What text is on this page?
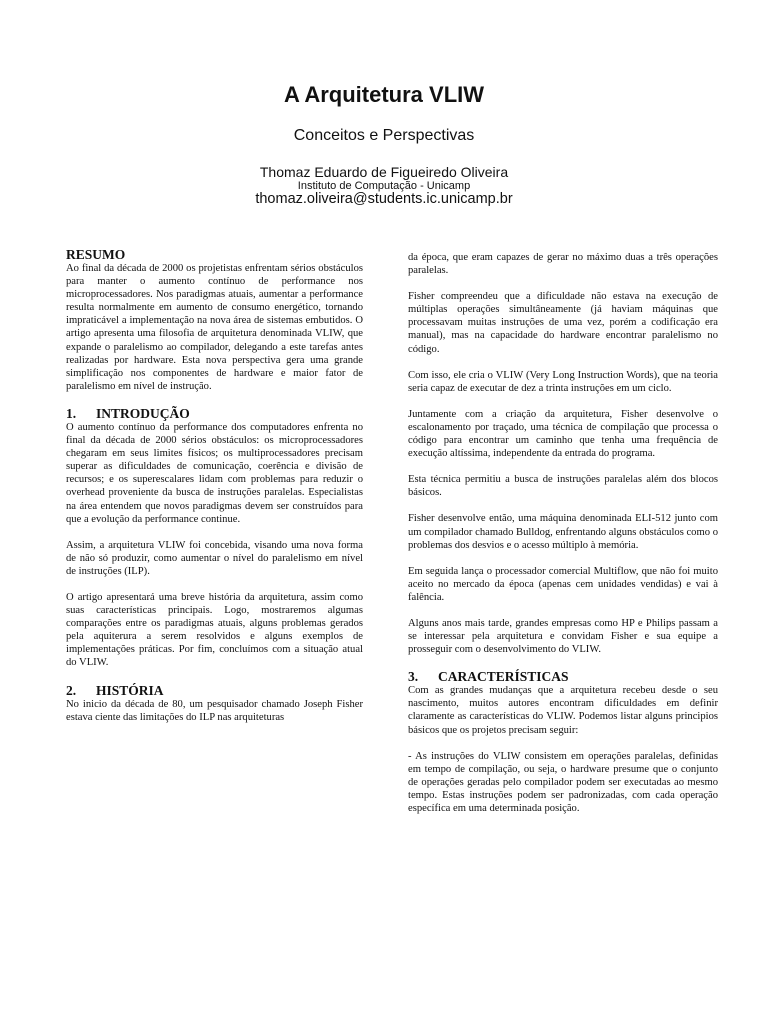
A Arquitetura VLIW
Conceitos e Perspectivas
Thomaz Eduardo de Figueiredo Oliveira
Instituto de Computação - Unicamp
thomaz.oliveira@students.ic.unicamp.br
RESUMO

Ao final da década de 2000 os projetistas enfrentam sérios obstáculos para manter o aumento contínuo de performance nos microprocessadores. Nos paradigmas atuais, aumentar a performance resulta normalmente em aumento de consumo energético, tornando impraticável a implementação na nova área de sistemas embutidos. O artigo apresenta uma filosofia de arquitetura denominada VLIW, que expande o paralelismo ao compilador, delegando a este tarefas antes realizadas por hardware. Esta nova perspectiva gera uma grande simplificação nos componentes de hardware e maior fator de paralelismo em nível de instrução.

1. INTRODUÇÃO

O aumento contínuo da performance dos computadores enfrenta no final da década de 2000 sérios obstáculos: os microprocessadores chegaram em seus limites físicos; os multiprocessadores precisam superar as dificuldades de comunicação, coerência e divisão de recursos; e os superescalares lidam com problemas para reduzir o overhead proveniente da busca de instruções paralelas. Especialistas na área entendem que novos paradigmas devem ser construídos para que a evolução da performance continue.

Assim, a arquitetura VLIW foi concebida, visando uma nova forma de não só produzir, como aumentar o nível do paralelismo em nível de instruções (ILP).

O artigo apresentará uma breve história da arquitetura, assim como suas características principais. Logo, mostraremos algumas comparações entre os paradigmas atuais, alguns problemas gerados pela aquiterura a serem resolvidos e alguns exemplos de implementações práticas. Por fim, concluímos com a situação atual do VLIW.

2. HISTÓRIA

No inicio da década de 80, um pesquisador chamado Joseph Fisher estava ciente das limitações do ILP nas arquiteturas

da época, que eram capazes de gerar no máximo duas a três operações paralelas.

Fisher compreendeu que a dificuldade não estava na execução de múltiplas operações simultâneamente (já haviam máquinas que processavam muitas instruções de uma vez, porém a codificação era manual), mas na capacidade do hardware encontrar paralelismo no código.

Com isso, ele cria o VLIW (Very Long Instruction Words), que na teoria seria capaz de executar de dez a trinta instruções em um ciclo.

Juntamente com a criação da arquitetura, Fisher desenvolve o escalonamento por traçado, uma técnica de compilação que processa o código para encontrar um caminho que tenha uma frequência de execução altíssima, independente da entrada do programa.

Esta técnica permitiu a busca de instruções paralelas além dos blocos básicos.

Fisher desenvolve então, uma máquina denominada ELI-512 junto com um compilador chamado Bulldog, enfrentando alguns obstáculos como o problemas dos desvios e o acesso múltiplo à memória.

Em seguida lança o processador comercial Multiflow, que não foi muito aceito no mercado da época (apenas cem unidades vendidas) e vai à falência.

Alguns anos mais tarde, grandes empresas como HP e Philips passam a se interessar pela arquitetura e convidam Fisher e sua equipe a prosseguir com o desenvolvimento do VLIW.

3. CARACTERÍSTICAS

Com as grandes mudanças que a arquitetura recebeu desde o seu nascimento, muitos autores encontram dificuldades em definir claramente as características do VLIW. Podemos listar alguns principios básicos que os projetos precisam seguir:

- As instruções do VLIW consistem em operações paralelas, definidas em tempo de compilação, ou seja, o hardware presume que o conjunto de operações geradas pelo compilador podem ser executadas ao mesmo tempo. Estas instruções podem ser padronizadas, com cada operação específica em uma determinada posição.
